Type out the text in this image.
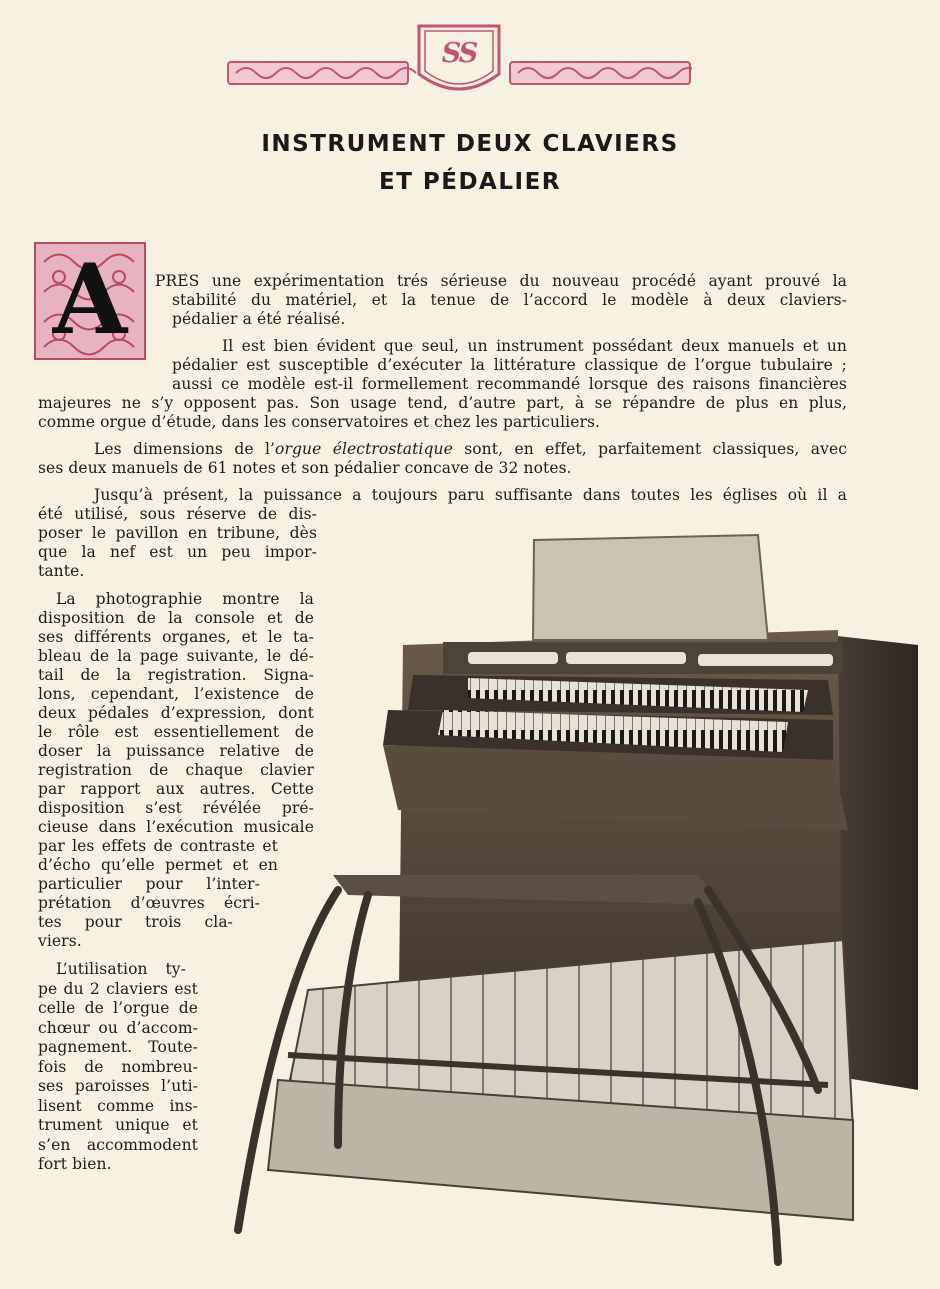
SS
INSTRUMENT DEUX CLAVIERS
ET PÉDALIER
A	PRES une expérimentation trés sérieuse du nouveau procédé ayant prouvé la
stabilité du matériel, et la tenue de l’accord le modèle à deux claviers-
pédalier a été réalisé.
Il est bien évident que seul, un instrument possédant deux manuels et un
pédalier est susceptible d’exécuter la littérature classique de l’orgue tubulaire ;
aussi ce modèle est-il formellement recommandé lorsque des raisons financières
majeures ne s’y opposent pas. Son usage tend, d’autre part, à se répandre de plus en plus,
comme orgue d’étude, dans les conservatoires et chez les particuliers.
Les dimensions de l’orgue électrostatique sont, en effet, parfaitement classiques, avec
ses deux manuels de 61 notes et son pédalier concave de 32 notes.
Jusqu’à présent, la puissance a toujours paru suffisante dans toutes les églises où il a
été utilisé, sous réserve de dis-
poser le pavillon en tribune, dès
que la nef est un peu impor-
tante.
La photographie montre la
disposition de la console et de
ses différents organes, et le ta-
bleau de la page suivante, le dé-
tail de la registration. Signa-
lons, cependant, l’existence de
deux pédales d’expression, dont
le rôle est essentiellement de
doser la puissance relative de
registration de chaque clavier
par rapport aux autres. Cette
disposition s’est révélée pré-
cieuse dans l’exécution musicale
par les effets de contraste et
d’écho qu’elle permet et en
particulier pour l’inter-
prétation d’œuvres écri-
tes pour trois cla-
viers.
L’utilisation ty-
pe du 2 claviers est
celle de l’orgue de
chœur ou d’accom-
pagnement. Toute-
fois de nombreu-
ses paroisses l’uti-
lisent comme ins-
trument unique et
s’en accommodent
fort bien.
